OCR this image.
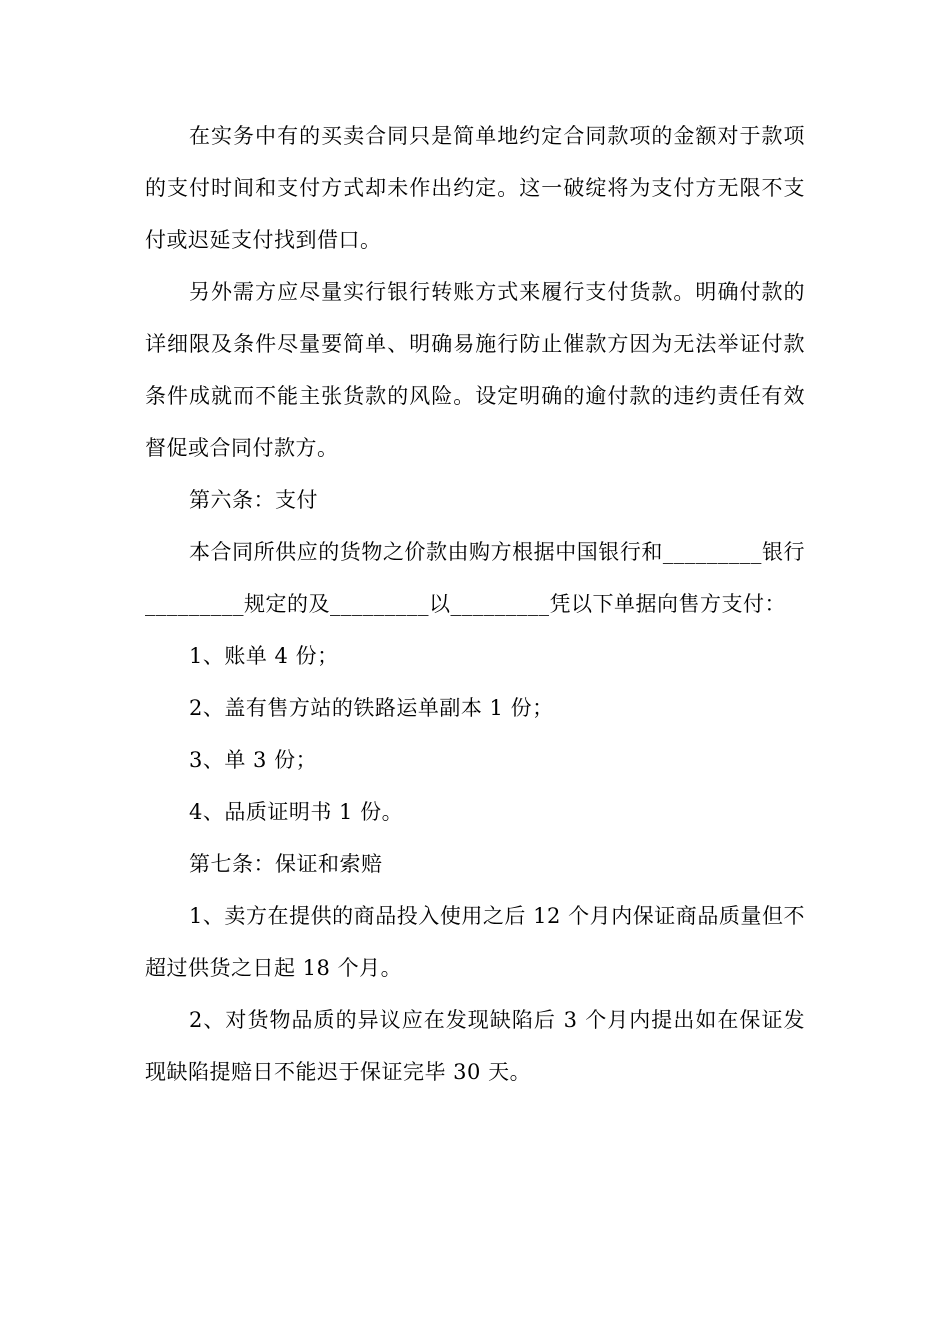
在实务中有的买卖合同只是简单地约定合同款项的金额对于款项的支付时间和支付方式却未作出约定。这一破绽将为支付方无限不支付或迟延支付找到借口。

另外需方应尽量实行银行转账方式来履行支付货款。明确付款的详细限及条件尽量要简单、明确易施行防止催款方因为无法举证付款条件成就而不能主张货款的风险。设定明确的逾付款的违约责任有效督促或合同付款方。

第六条：支付

本合同所供应的货物之价款由购方根据中国银行和_________银行_________规定的及_________以_________凭以下单据向售方支付：

1、账单 4 份；

2、盖有售方站的铁路运单副本 1 份；

3、单 3 份；

4、品质证明书 1 份。

第七条：保证和索赔

1、卖方在提供的商品投入使用之后 12 个月内保证商品质量但不超过供货之日起 18 个月。

2、对货物品质的异议应在发现缺陷后 3 个月内提出如在保证发现缺陷提赔日不能迟于保证完毕 30 天。
